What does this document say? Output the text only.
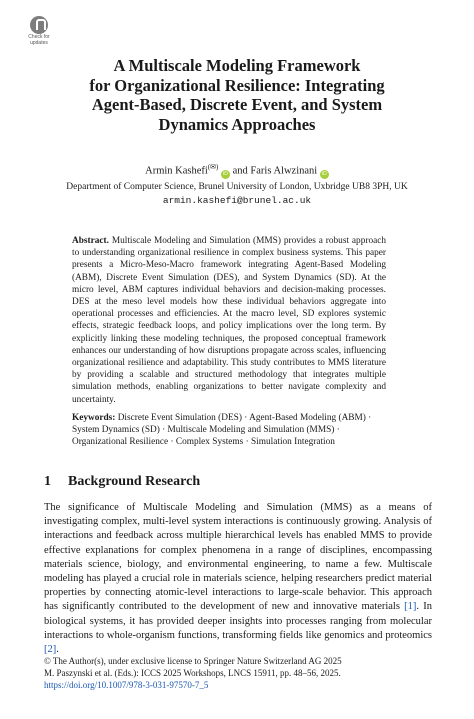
Check for
updates
A Multiscale Modeling Framework
for Organizational Resilience: Integrating
Agent-Based, Discrete Event, and System
Dynamics Approaches
Armin Kashefi(✉) iD and Faris Alwzinani iD
Department of Computer Science, Brunel University of London, Uxbridge UB8 3PH, UK
armin.kashefi@brunel.ac.uk
Abstract. Multiscale Modeling and Simulation (MMS) provides a robust approach to understanding organizational resilience in complex business systems. This paper presents a Micro-Meso-Macro framework integrating Agent-Based Modeling (ABM), Discrete Event Simulation (DES), and System Dynamics (SD). At the micro level, ABM captures individual behaviors and decision-making processes. DES at the meso level models how these individual behaviors aggregate into operational processes and efficiencies. At the macro level, SD explores systemic effects, strategic feedback loops, and policy implications over the long term. By explicitly linking these modeling techniques, the proposed conceptual framework enhances our understanding of how disruptions propagate across scales, influencing organizational resilience and adaptability. This study contributes to MMS literature by providing a scalable and structured methodology that integrates multiple simulation methods, enabling organizations to better navigate complexity and uncertainty.
Keywords: Discrete Event Simulation (DES) · Agent-Based Modeling (ABM) · System Dynamics (SD) · Multiscale Modeling and Simulation (MMS) · Organizational Resilience · Complex Systems · Simulation Integration
1 Background Research
The significance of Multiscale Modeling and Simulation (MMS) as a means of investigating complex, multi-level system interactions is continuously growing. Analysis of interactions and feedback across multiple hierarchical levels has enabled MMS to provide effective explanations for complex phenomena in a range of disciplines, encompassing materials science, biology, and environmental engineering, to name a few. Multiscale modeling has played a crucial role in materials science, helping researchers predict material properties by connecting atomic-level interactions to large-scale behavior. This approach has significantly contributed to the development of new and innovative materials [1]. In biological systems, it has provided deeper insights into processes ranging from molecular interactions to whole-organism functions, transforming fields like genomics and proteomics [2].
© The Author(s), under exclusive license to Springer Nature Switzerland AG 2025
M. Paszynski et al. (Eds.): ICCS 2025 Workshops, LNCS 15911, pp. 48–56, 2025.
https://doi.org/10.1007/978-3-031-97570-7_5
